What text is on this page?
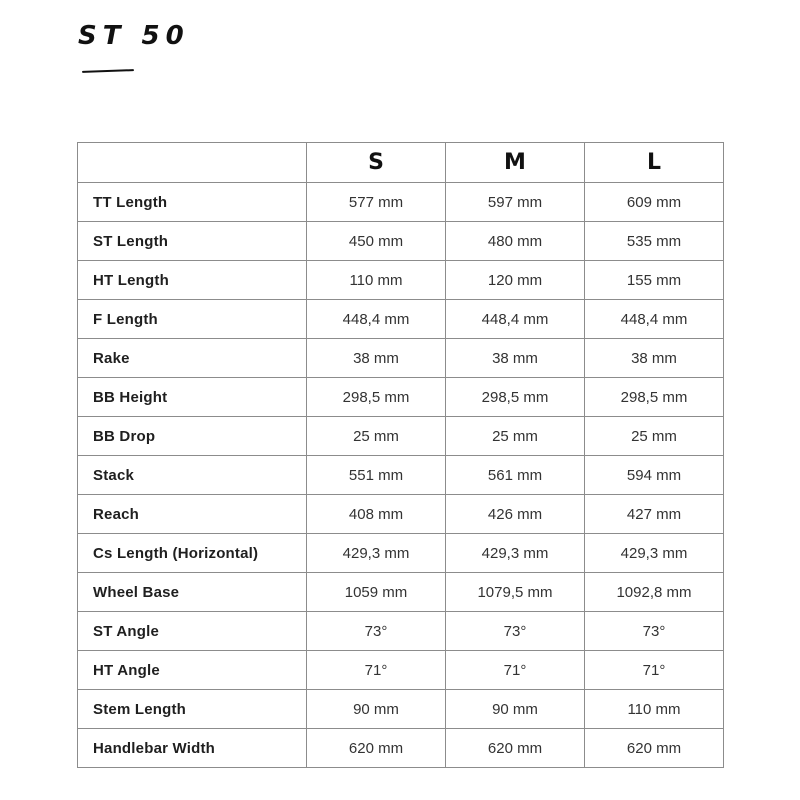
ST 50
	S	M	L
TT Length	577 mm	597 mm	609 mm
ST Length	450 mm	480 mm	535 mm
HT Length	110 mm	120 mm	155 mm
F Length	448,4 mm	448,4 mm	448,4 mm
Rake	38 mm	38 mm	38 mm
BB Height	298,5 mm	298,5 mm	298,5 mm
BB Drop	25 mm	25 mm	25 mm
Stack	551 mm	561 mm	594 mm
Reach	408 mm	426 mm	427 mm
Cs Length (Horizontal)	429,3 mm	429,3 mm	429,3 mm
Wheel Base	1059 mm	1079,5 mm	1092,8 mm
ST Angle	73°	73°	73°
HT Angle	71°	71°	71°
Stem Length	90 mm	90 mm	110 mm
Handlebar Width	620 mm	620 mm	620 mm
